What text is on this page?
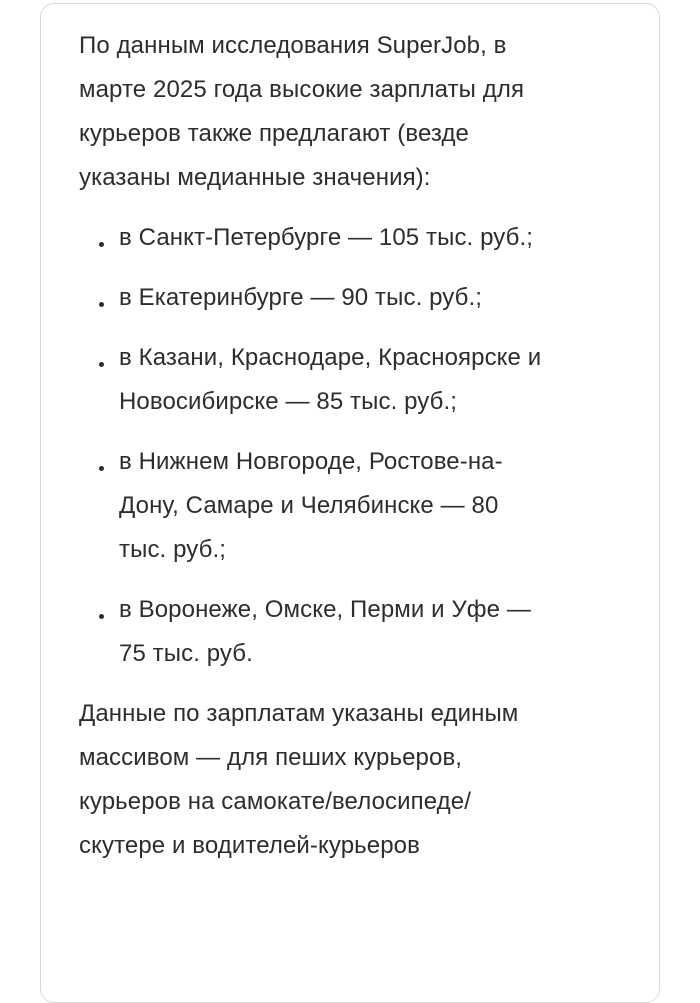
По данным исследования SuperJob, в
марте 2025 года высокие зарплаты для
курьеров также предлагают (везде
указаны медианные значения):

в Санкт-Петербурге — 105 тыс. руб.;
в Екатеринбурге — 90 тыс. руб.;
в Казани, Краснодаре, Красноярске и
Новосибирске — 85 тыс. руб.;
в Нижнем Новгороде, Ростове-на-
Дону, Самаре и Челябинске — 80
тыс. руб.;
в Воронеже, Омске, Перми и Уфе —
75 тыс. руб.

Данные по зарплатам указаны единым
массивом — для пеших курьеров,
курьеров на самокате/велосипеде/
скутере и водителей-курьеров
